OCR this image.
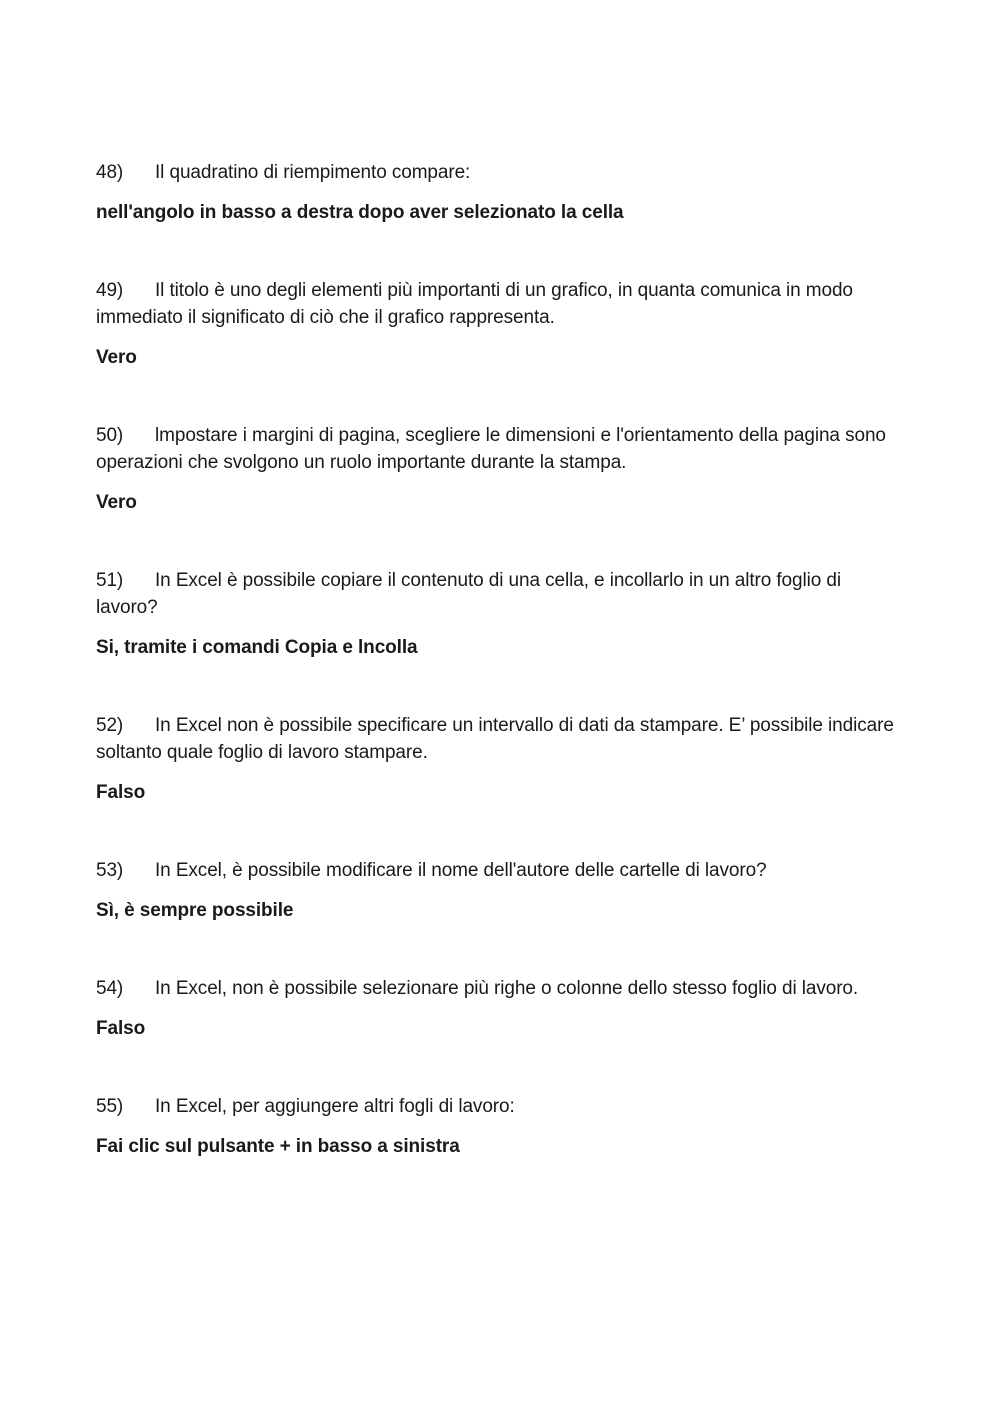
48) Il quadratino di riempimento compare:

nell'angolo in basso a destra dopo aver selezionato la cella

49) Il titolo è uno degli elementi più importanti di un grafico, in quanta comunica in modo immediato il significato di ciò che il grafico rappresenta.

Vero

50) lmpostare i margini di pagina, scegliere le dimensioni e l'orientamento della pagina sono operazioni che svolgono un ruolo importante durante la stampa.

Vero

51) In Excel è possibile copiare il contenuto di una cella, e incollarlo in un altro foglio di lavoro?

Si, tramite i comandi Copia e lncolla

52) In Excel non è possibile specificare un intervallo di dati da stampare. E’ possibile indicare soltanto quale foglio di lavoro stampare.

Falso

53) In Excel, è possibile modificare il nome dell'autore delle cartelle di lavoro?

Sì, è sempre possibile

54) In Excel, non è possibile selezionare più righe o colonne dello stesso foglio di lavoro.

Falso

55) In Excel, per aggiungere altri fogli di lavoro:

Fai clic sul pulsante + in basso a sinistra
